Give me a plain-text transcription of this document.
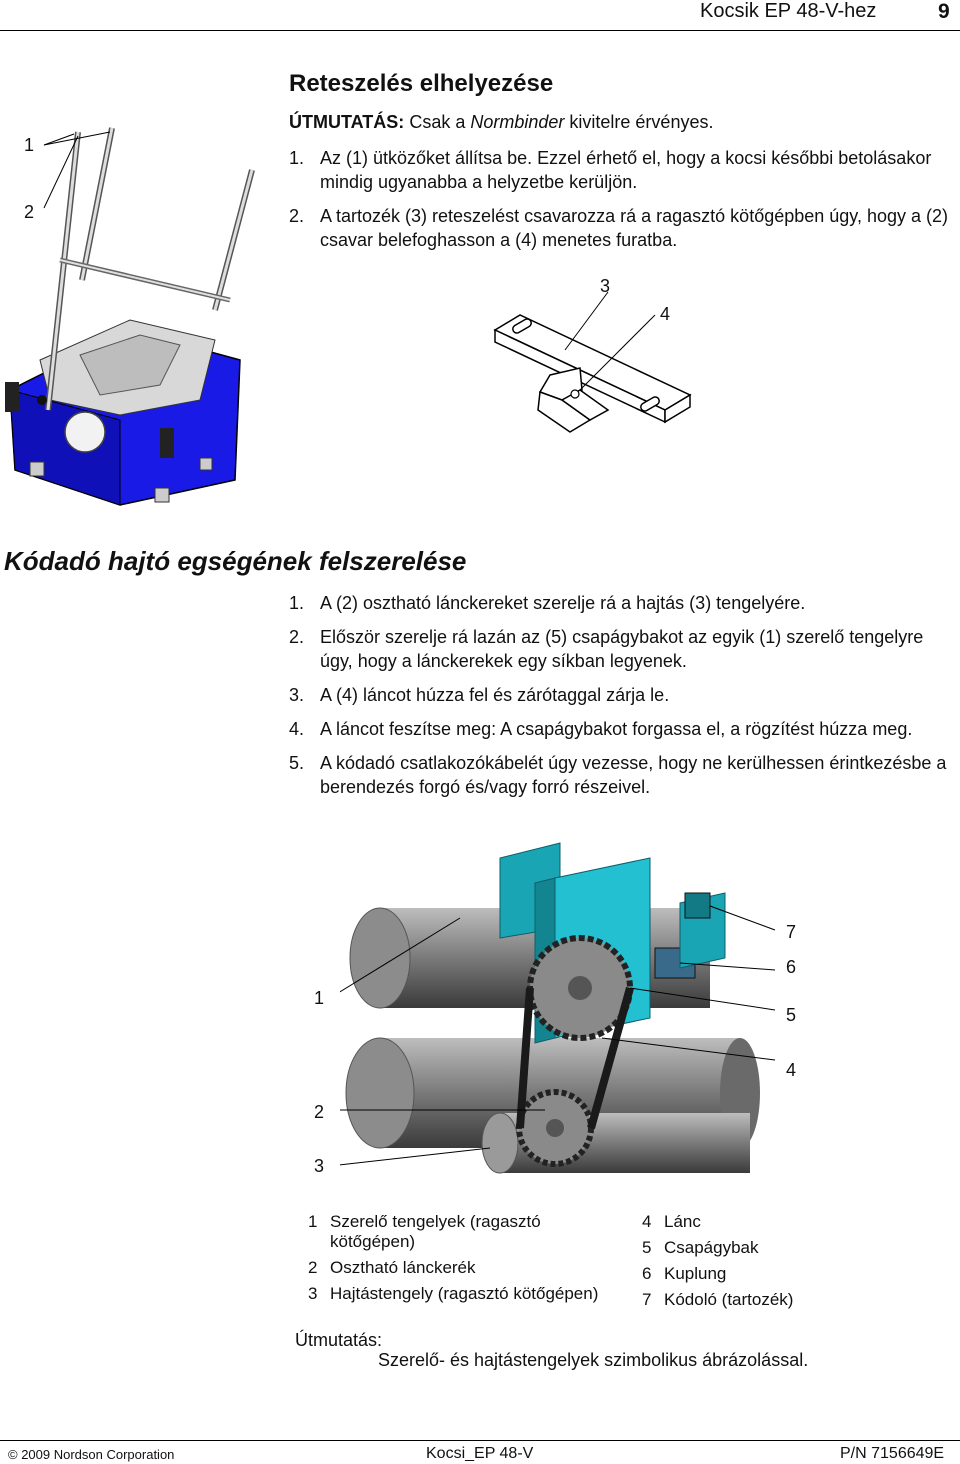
Kocsik EP 48-V-hez	9
1
2
Reteszelés elhelyezése
ÚTMUTATÁS: Csak a Normbinder kivitelre érvényes.
1. Az (1) ütközőket állítsa be. Ezzel érhető el, hogy a kocsi későbbi betolásakor mindig ugyanabba a helyzetbe kerüljön.
2. A tartozék (3) reteszelést csavarozza rá a ragasztó kötőgépben úgy, hogy a (2) csavar belefoghasson a (4) menetes furatba.
3
4
Kódadó hajtó egségének felszerelése
1. A (2) osztható lánckereket szerelje rá a hajtás (3) tengelyére.
2. Először szerelje rá lazán az (5) csapágybakot az egyik (1) szerelő tengelyre úgy, hogy a lánckerekek egy síkban legyenek.
3. A (4) láncot húzza fel és zárótaggal zárja le.
4. A láncot feszítse meg: A csapágybakot forgassa el, a rögzítést húzza meg.
5. A kódadó csatlakozókábelét úgy vezesse, hogy ne kerülhessen érintkezésbe a berendezés forgó és/vagy forró részeivel.
1
2
3
7
6
5
4
1 Szerelő tengelyek (ragasztó kötőgépen)
2 Osztható lánckerék
3 Hajtástengely (ragasztó kötőgépen)
4 Lánc
5 Csapágybak
6 Kuplung
7 Kódoló (tartozék)
Útmutatás:
Szerelő- és hajtástengelyek szimbolikus ábrázolással.
© 2009 Nordson Corporation	Kocsi_EP 48-V	P/N 7156649E
